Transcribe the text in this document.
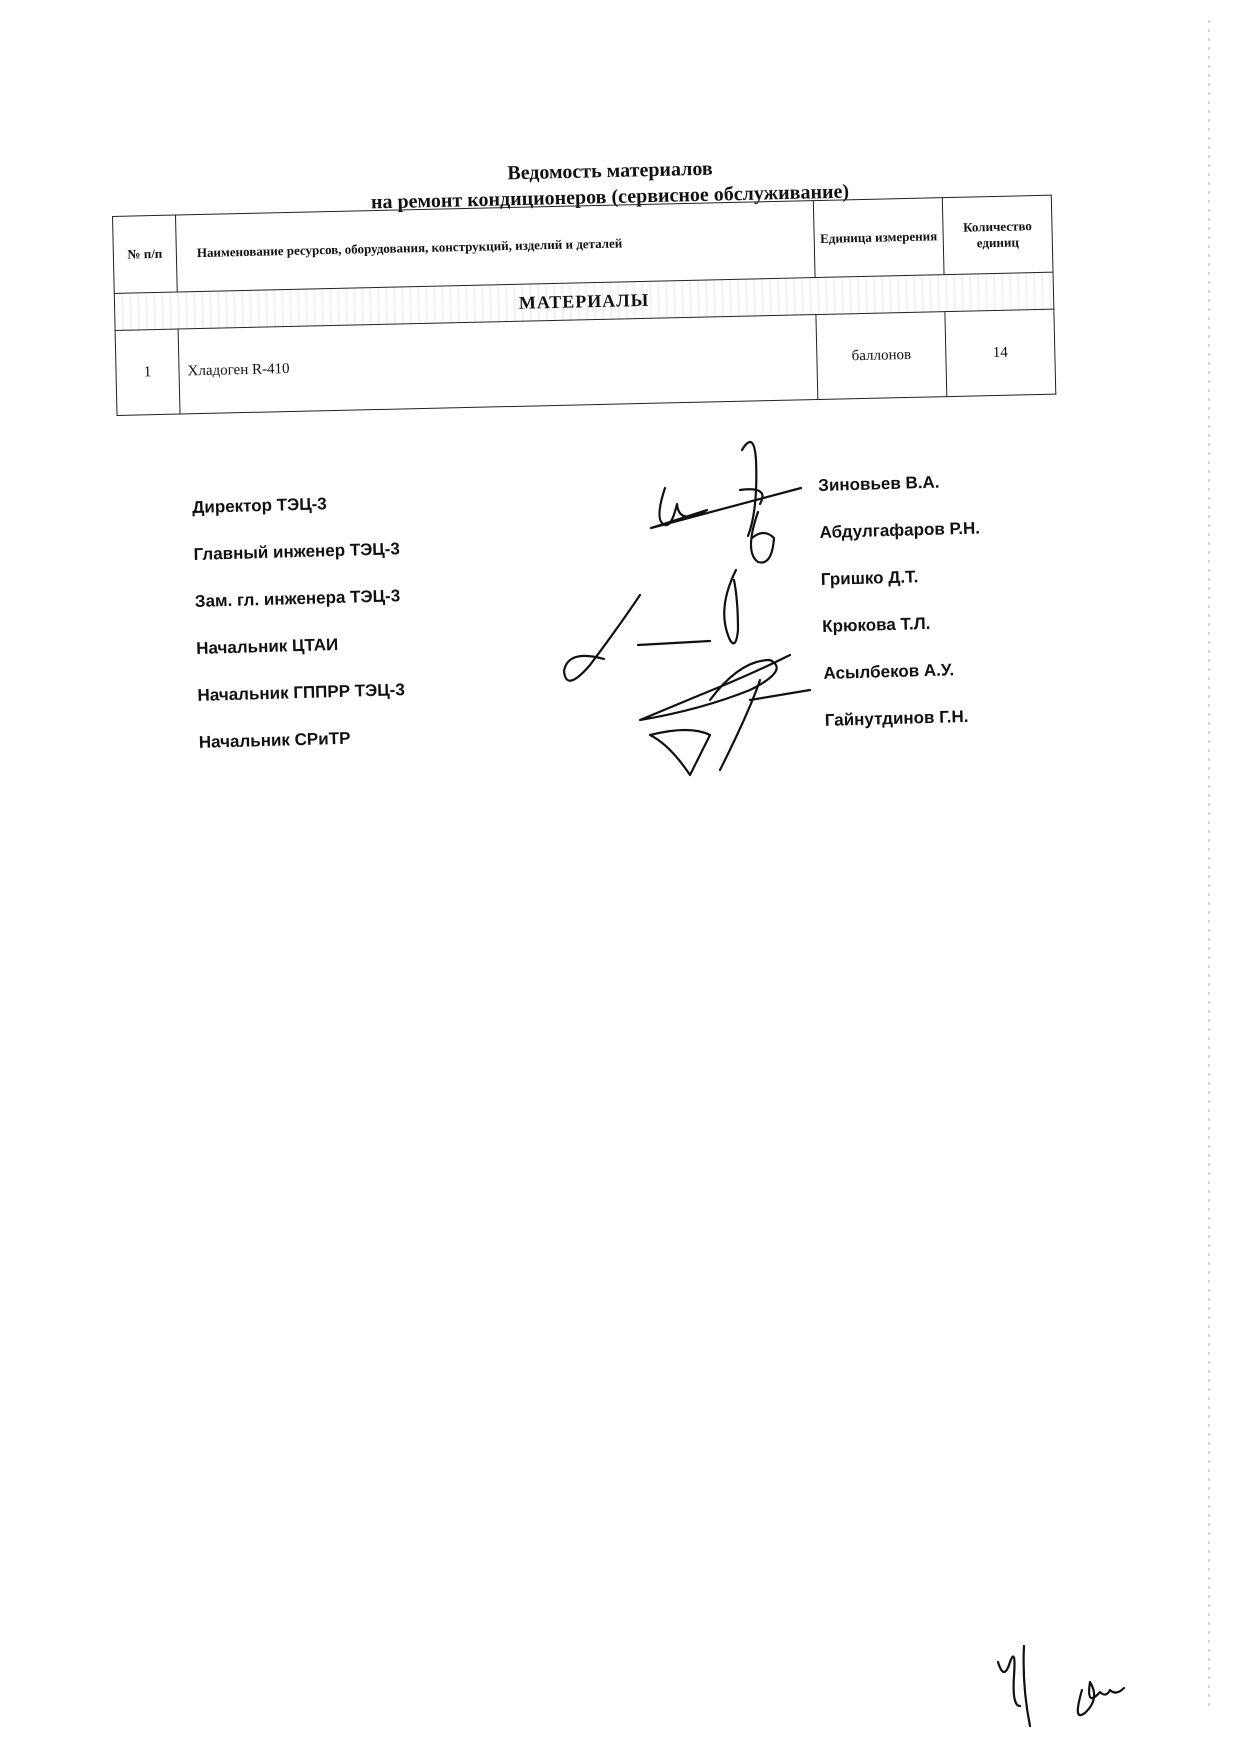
Ведомость материалов
на ремонт кондиционеров (сервисное обслуживание)
№ п/п	Наименование ресурсов, оборудования, конструкций, изделий и деталей	Единица измерения	Количество единиц
МАТЕРИАЛЫ			
1	Хладоген R-410	баллонов	14
Директор ТЭЦ-3
Главный инженер ТЭЦ-3
Зам. гл. инженера ТЭЦ-3
Начальник ЦТАИ
Начальник ГППРР ТЭЦ-3
Начальник СРиТР
Зиновьев В.А.
Абдулгафаров Р.Н.
Гришко Д.Т.
Крюкова Т.Л.
Асылбеков А.У.
Гайнутдинов Г.Н.
